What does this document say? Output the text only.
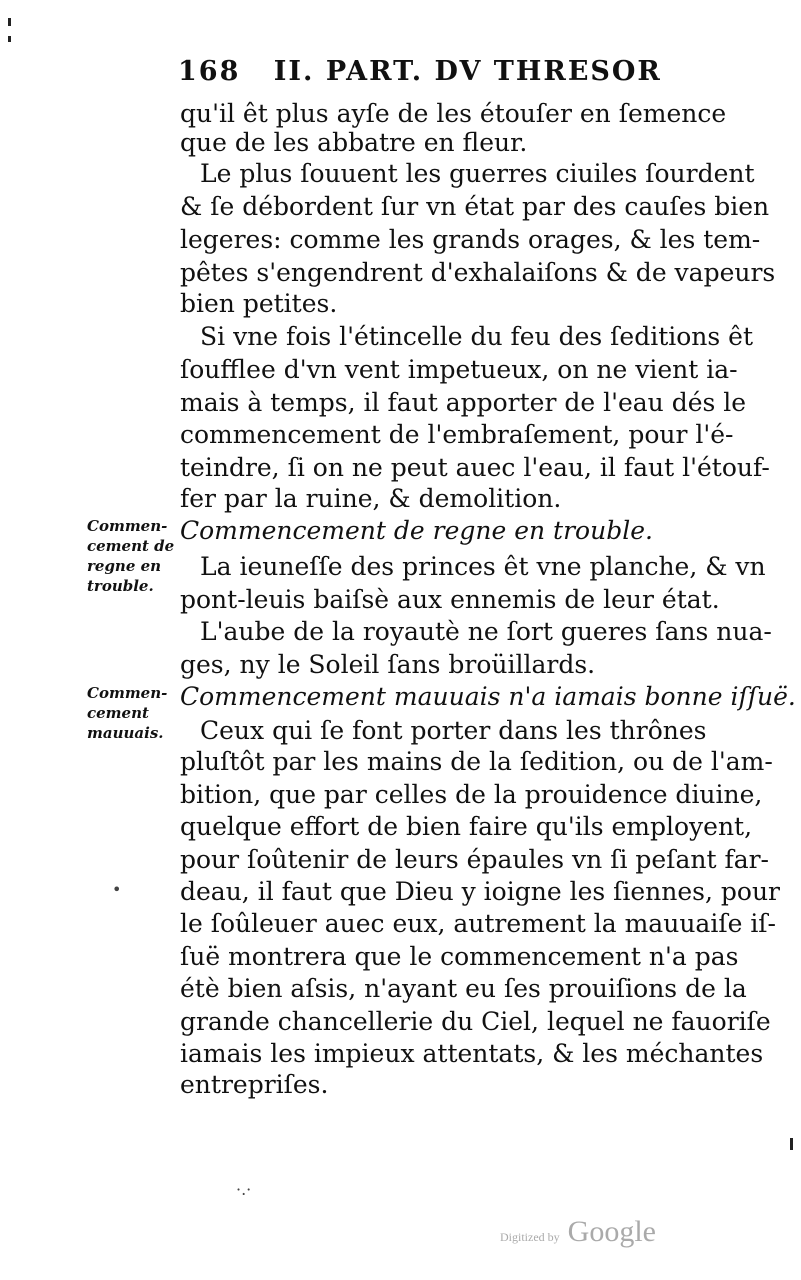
168 II. PART. DV THRESOR
qu'il êt plus ayſe de les étouſer en ſemence
que de les abbatre en fleur.
Le plus ſouuent les guerres ciuiles ſourdent
& ſe débordent ſur vn état par des cauſes bien
legeres: comme les grands orages, & les tem-
pêtes s'engendrent d'exhalaiſons & de vapeurs
bien petites.
Si vne fois l'étincelle du feu des ſeditions êt
ſoufflee d'vn vent impetueux, on ne vient ia-
mais à temps, il faut apporter de l'eau dés le
commencement de l'embraſement, pour l'é-
teindre, ſi on ne peut auec l'eau, il faut l'étouf-
fer par la ruine, & demolition.
Commencement de regne en trouble.
La ieuneſſe des princes êt vne planche, & vn
pont-leuis baiſsè aux ennemis de leur état.
L'aube de la royautè ne ſort gueres ſans nua-
ges, ny le Soleil ſans broüillards.
Commencement mauuais n'a iamais bonne iſſuë.
Ceux qui ſe font porter dans les thrônes
pluſtôt par les mains de la ſedition, ou de l'am-
bition, que par celles de la prouidence diuine,
quelque effort de bien faire qu'ils employent,
pour ſoûtenir de leurs épaules vn ſi peſant far-
deau, il faut que Dieu y ioigne les ſiennes, pour
le ſoûleuer auec eux, autrement la mauuaiſe iſ-
ſuë montrera que le commencement n'a pas
étè bien aſsis, n'ayant eu ſes prouiſions de la
grande chancellerie du Ciel, lequel ne fauoriſe
iamais les impieux attentats, & les méchantes
entrepriſes.
Commen-
cement de
regne en
trouble.
Commen-
cement
mauuais.
•
·.·
Digitized by Google
